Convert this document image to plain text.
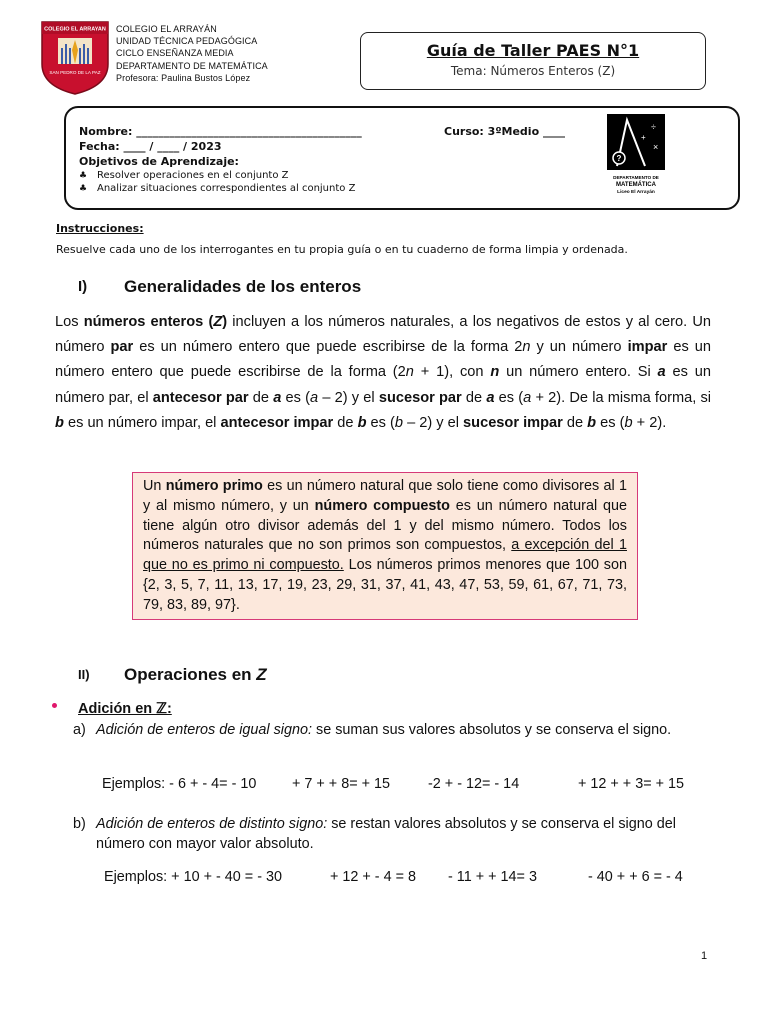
COLEGIO EL ARRAYAN
SAN PEDRO DE LA PAZ
COLEGIO EL ARRAYÁN
UNIDAD TÉCNICA PEDAGÓGICA
CICLO ENSEÑANZA MEDIA
DEPARTAMENTO DE MATEMÁTICA
Profesora: Paulina Bustos López
Guía de Taller PAES N°1
Tema: Números Enteros (Z)
Nombre: _________________________________________	Curso: 3ºMedio ____
Fecha: ____ / ____ / 2023
Objetivos de Aprendizaje:
♣ Resolver operaciones en el conjunto Z
♣ Analizar situaciones correspondientes al conjunto Z
?
÷
×
+
DEPARTAMENTO DE
MATEMÁTICA
Liceo El Arrayán
Instrucciones:
Resuelve cada uno de los interrogantes en tu propia guía o en tu cuaderno de forma limpia y ordenada.
I) Generalidades de los enteros
Los números enteros (Z) incluyen a los números naturales, a los negativos de estos y al cero. Un número par es un número entero que puede escribirse de la forma 2n y un número impar es un número entero que puede escribirse de la forma (2n + 1), con n un número entero. Si a es un número par, el antecesor par de a es (a – 2) y el sucesor par de a es (a + 2). De la misma forma, si b es un número impar, el antecesor impar de b es (b – 2) y el sucesor impar de b es (b + 2).
Un número primo es un número natural que solo tiene como divisores al 1 y al mismo número, y un número compuesto es un número natural que tiene algún otro divisor además del 1 y del mismo número. Todos los números naturales que no son primos son compuestos, a excepción del 1 que no es primo ni compuesto. Los números primos menores que 100 son {2, 3, 5, 7, 11, 13, 17, 19, 23, 29, 31, 37, 41, 43, 47, 53, 59, 61, 67, 71, 73, 79, 83, 89, 97}.
II) Operaciones en Z
Adición en ℤ:
a) Adición de enteros de igual signo: se suman sus valores absolutos y se conserva el signo.
Ejemplos: - 6 + - 4= - 10 + 7 + + 8= + 15	-2 + - 12= - 14	+ 12 + + 3= + 15
b) Adición de enteros de distinto signo: se restan valores absolutos y se conserva el signo del número con mayor valor absoluto.
Ejemplos: + 10 + - 40 = - 30	+ 12 + - 4 = 8 - 11 + + 14= 3	- 40 + + 6 = - 4
1
